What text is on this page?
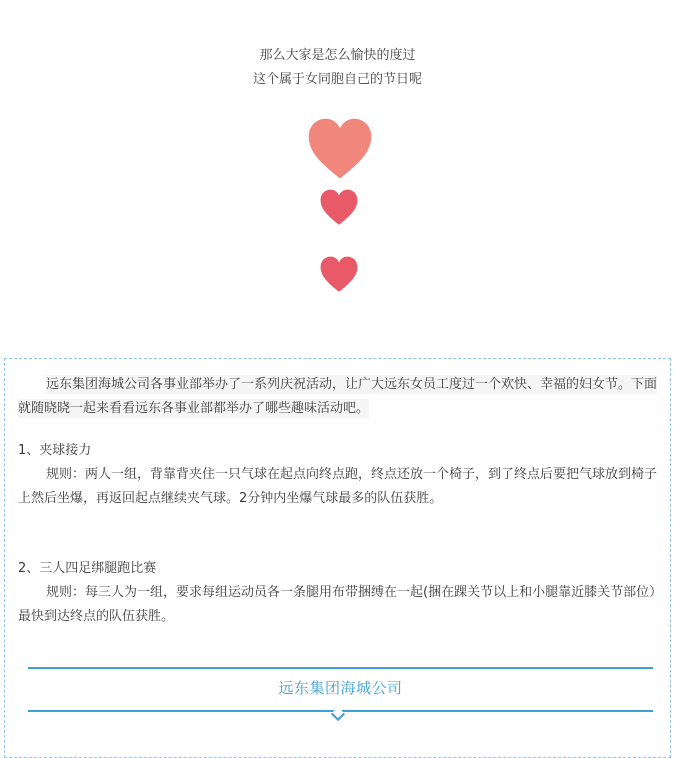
那么大家是怎么愉快的度过
这个属于女同胞自己的节日呢
远东集团海城公司各事业部举办了一系列庆祝活动，让广大远东女员工度过一个欢快、幸福的妇女节。下面就随晓晓一起来看看远东各事业部都举办了哪些趣味活动吧。
1、夹球接力
规则：两人一组，背靠背夹住一只气球在起点向终点跑，终点还放一个椅子，到了终点后要把气球放到椅子上然后坐爆，再返回起点继续夹气球。2分钟内坐爆气球最多的队伍获胜。
2、三人四足绑腿跑比赛
规则：每三人为一组，要求每组运动员各一条腿用布带捆缚在一起(捆在踝关节以上和小腿靠近膝关节部位）最快到达终点的队伍获胜。
远东集团海城公司
